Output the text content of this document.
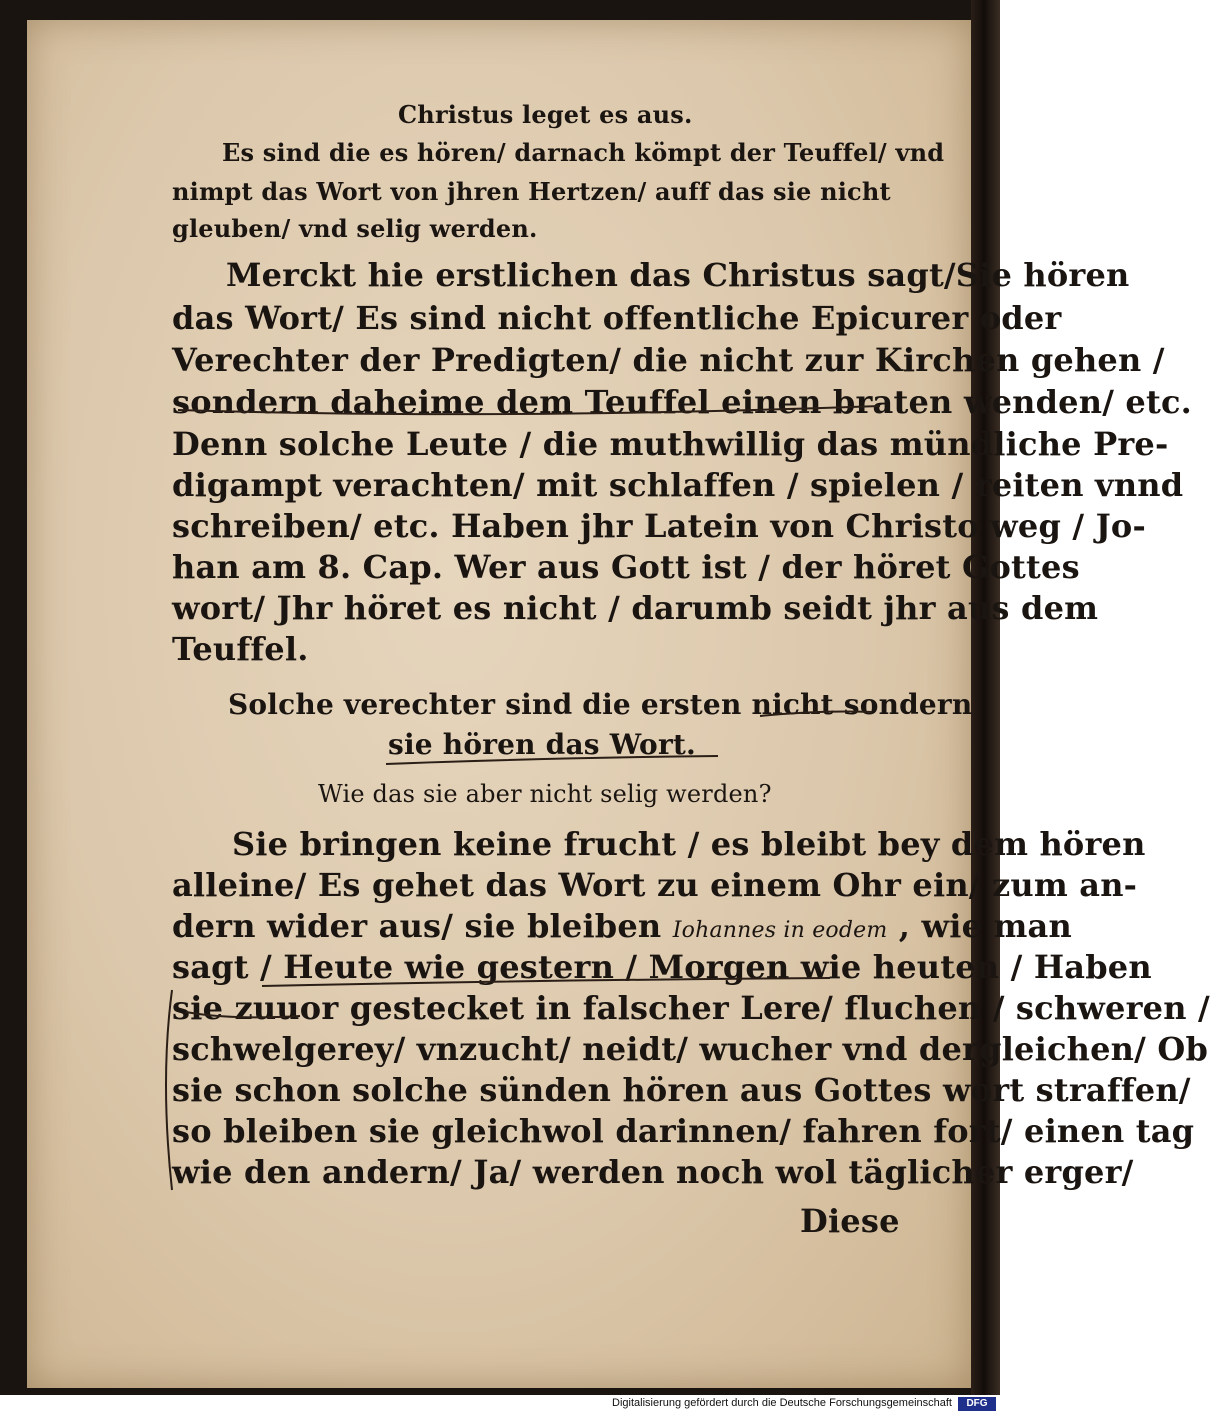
Christus leget es aus.
Es sind die es hören/ darnach kömpt der Teuffel/ vnd
nimpt das Wort von jhren Hertzen/ auff das sie nicht
gleuben/ vnd selig werden.
Merckt hie erstlichen das Christus sagt/Sie hören
das Wort/ Es sind nicht offentliche Epicurer oder
Verechter der Predigten/ die nicht zur Kirchen gehen /
sondern daheime dem Teuffel einen braten wenden/ etc.
Denn solche Leute / die muthwillig das mündliche Pre-
digampt verachten/ mit schlaffen / spielen / reiten vnnd
schreiben/ etc. Haben jhr Latein von Christo weg / Jo-
han am 8. Cap. Wer aus Gott ist / der höret Gottes
wort/ Jhr höret es nicht / darumb seidt jhr aus dem
Teuffel.
Solche verechter sind die ersten nicht sondern
sie hören das Wort.
Wie das sie aber nicht selig werden?
Sie bringen keine frucht / es bleibt bey dem hören
alleine/ Es gehet das Wort zu einem Ohr ein/ zum an-
dern wider aus/ sie bleiben Iohannes in eodem , wie man
sagt / Heute wie gestern / Morgen wie heuten / Haben
sie zuuor gestecket in falscher Lere/ fluchen / schweren /
schwelgerey/ vnzucht/ neidt/ wucher vnd dergleichen/ Ob
sie schon solche sünden hören aus Gottes wort straffen/
so bleiben sie gleichwol darinnen/ fahren fort/ einen tag
wie den andern/ Ja/ werden noch wol täglicher erger/
Diese
Digitalisierung gefördert durch die Deutsche Forschungsgemeinschaft	DFG
